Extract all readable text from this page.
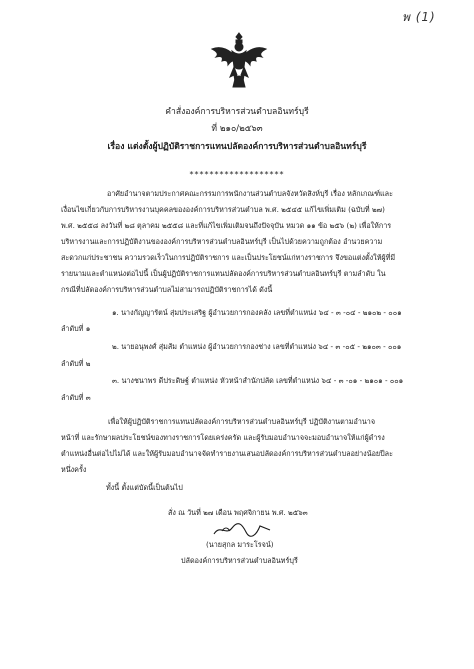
พ (1)
คำสั่งองค์การบริหารส่วนตำบลอินทร์บุรี
ที่ ๒๑๐/๒๕๖๓
เรื่อง แต่งตั้งผู้ปฏิบัติราชการแทนปลัดองค์การบริหารส่วนตำบลอินทร์บุรี
*******************
อาศัยอำนาจตามประกาศคณะกรรมการพนักงานส่วนตำบลจังหวัดสิงห์บุรี เรื่อง หลักเกณฑ์และ
เงื่อนไขเกี่ยวกับการบริหารงานบุคคลขององค์การบริหารส่วนตำบล พ.ศ. ๒๕๔๕ แก้ไขเพิ่มเติม (ฉบับที่ ๒๗)
พ.ศ. ๒๕๕๘ ลงวันที่ ๒๘ ตุลาคม ๒๕๕๘ และที่แก้ไขเพิ่มเติมจนถึงปัจจุบัน หมวด ๑๑ ข้อ ๒๕๖ (๒) เพื่อให้การ
บริหารงานและการปฏิบัติงานขององค์การบริหารส่วนตำบลอินทร์บุรี เป็นไปด้วยความถูกต้อง อำนวยความ
สะดวกแก่ประชาชน ความรวดเร็วในการปฏิบัติราชการ และเป็นประโยชน์แก่ทางราชการ จึงขอแต่งตั้งให้ผู้ที่มี
รายนามและตำแหน่งต่อไปนี้ เป็นผู้ปฏิบัติราชการแทนปลัดองค์การบริหารส่วนตำบลอินทร์บุรี ตามลำดับ ใน
กรณีที่ปลัดองค์การบริหารส่วนตำบลไม่สามารถปฏิบัติราชการได้ ดังนี้
๑. นางกัญญารัตน์ สุ่มประเสริฐ ผู้อำนวยการกองคลัง เลขที่ตำแหน่ง ๖๔ - ๓ -๐๔ - ๒๑๐๒ - ๐๐๑
ลำดับที่ ๑
๒. นายอนุพงศ์ สุ่มส้ม ตำแหน่ง ผู้อำนวยการกองช่าง เลขที่ตำแหน่ง ๖๔ - ๓ -๐๕ - ๒๑๐๓ - ๐๐๑
ลำดับที่ ๒
๓. นางชนาพร ดีประดิษฐ์ ตำแหน่ง หัวหน้าสำนักปลัด เลขที่ตำแหน่ง ๖๔ - ๓ -๐๑ - ๒๑๐๑ - ๐๐๑
ลำดับที่ ๓
เพื่อให้ผู้ปฏิบัติราชการแทนปลัดองค์การบริหารส่วนตำบลอินทร์บุรี ปฏิบัติงานตามอำนาจ
หน้าที่ และรักษาผลประโยชน์ของทางราชการโดยเคร่งครัด และผู้รับมอบอำนาจจะมอบอำนาจให้แก่ผู้ดำรง
ตำแหน่งอื่นต่อไปไม่ได้ และให้ผู้รับมอบอำนาจจัดทำรายงานเสนอปลัดองค์การบริหารส่วนตำบลอย่างน้อยปีละ
หนึ่งครั้ง
ทั้งนี้ ตั้งแต่บัดนี้เป็นต้นไป
สั่ง ณ วันที่ ๒๗ เดือน พฤศจิกายน พ.ศ. ๒๕๖๓
(นายสุกล มาระโรจน์)
ปลัดองค์การบริหารส่วนตำบลอินทร์บุรี
